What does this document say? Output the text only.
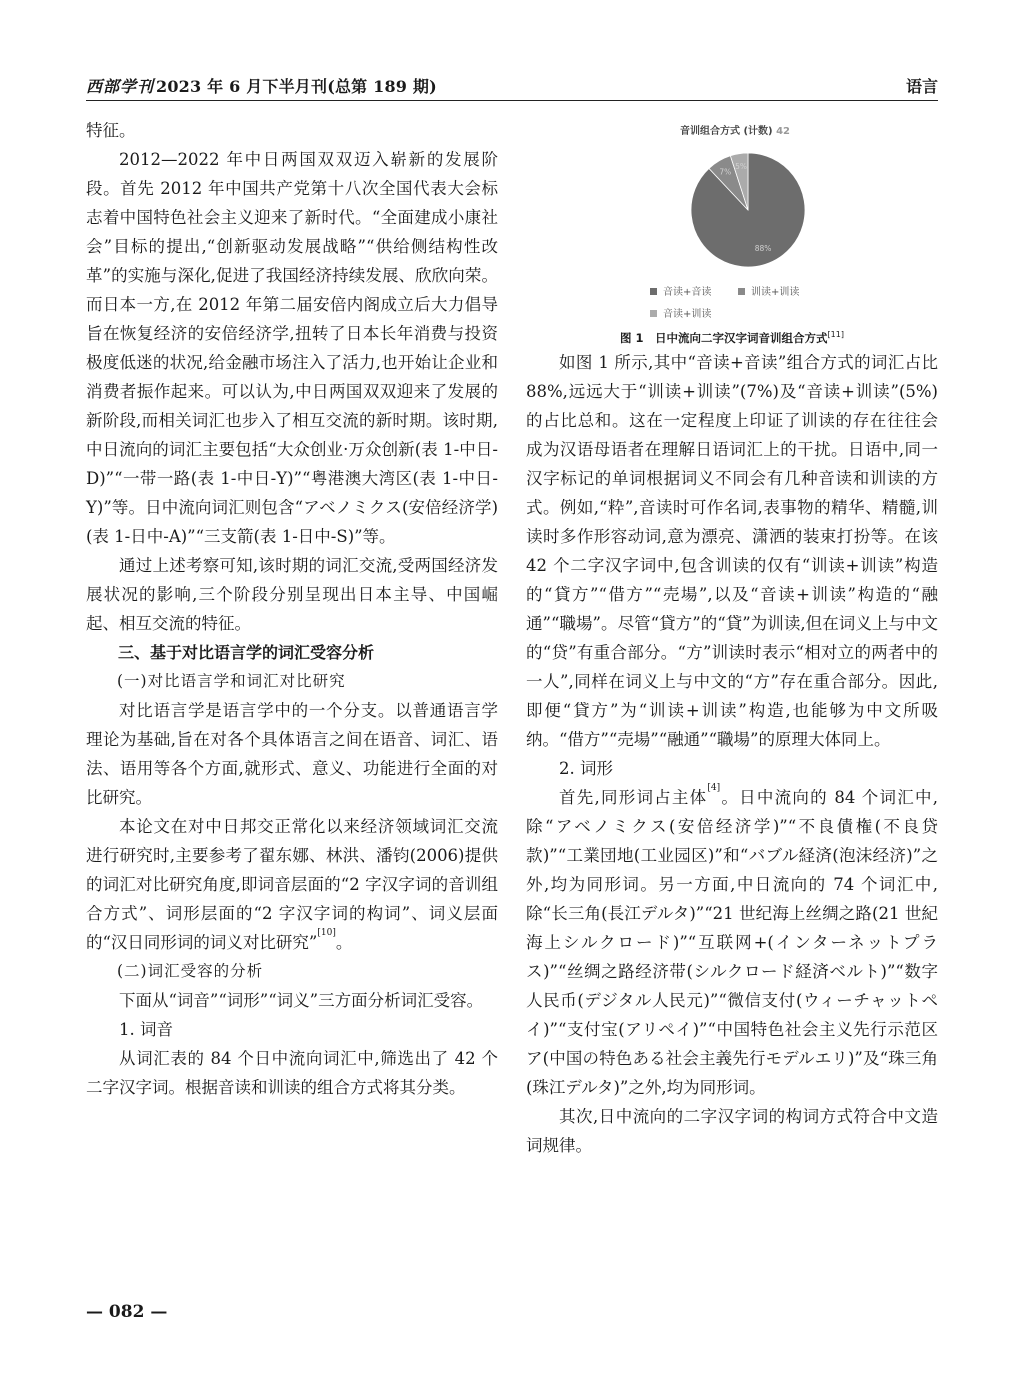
西部学刊 2023 年 6 月下半月刊(总第 189 期)	语言

特征。

2012—2022 年中日两国双双迈入崭新的发展阶段。首先 2012 年中国共产党第十八次全国代表大会标志着中国特色社会主义迎来了新时代。“全面建成小康社会”目标的提出,“创新驱动发展战略”“供给侧结构性改革”的实施与深化,促进了我国经济持续发展、欣欣向荣。而日本一方,在 2012 年第二届安倍内阁成立后大力倡导旨在恢复经济的安倍经济学,扭转了日本长年消费与投资极度低迷的状况,给金融市场注入了活力,也开始让企业和消费者振作起来。可以认为,中日两国双双迎来了发展的新阶段,而相关词汇也步入了相互交流的新时期。该时期,中日流向的词汇主要包括“大众创业·万众创新(表 1-中日-D)”“一带一路(表 1-中日-Y)”“粤港澳大湾区(表 1-中日-Y)”等。日中流向词汇则包含“アベノミクス(安倍经济学)(表 1-日中-A)”“三支箭(表 1-日中-S)”等。

通过上述考察可知,该时期的词汇交流,受两国经济发展状况的影响,三个阶段分别呈现出日本主导、中国崛起、相互交流的特征。

三、基于对比语言学的词汇受容分析

(一)对比语言学和词汇对比研究

对比语言学是语言学中的一个分支。以普通语言学理论为基础,旨在对各个具体语言之间在语音、词汇、语法、语用等各个方面,就形式、意义、功能进行全面的对比研究。

本论文在对中日邦交正常化以来经济领域词汇交流进行研究时,主要参考了翟东娜、林洪、潘钧(2006)提供的词汇对比研究角度,即词音层面的“2 字汉字词的音训组合方式”、词形层面的“2 字汉字词的构词”、词义层面的“汉日同形词的词义对比研究”[10]。

(二)词汇受容的分析

下面从“词音”“词形”“词义”三方面分析词汇受容。

1. 词音

从词汇表的 84 个日中流向词汇中,筛选出了 42 个二字汉字词。根据音读和训读的组合方式将其分类。

88%
7%
5%
音训组合方式 (计数) 42
音读+音读	训读+训读
音读+训读
图 1　日中流向二字汉字词音训组合方式[11]

如图 1 所示,其中“音读+音读”组合方式的词汇占比 88%,远远大于“训读+训读”(7%)及“音读+训读”(5%)的占比总和。这在一定程度上印证了训读的存在往往会成为汉语母语者在理解日语词汇上的干扰。日语中,同一汉字标记的单词根据词义不同会有几种音读和训读的方式。例如,“粋”,音读时可作名词,表事物的精华、精髓,训读时多作形容动词,意为漂亮、潇洒的装束打扮等。在该 42 个二字汉字词中,包含训读的仅有“训读+训读”构造的“貸方”“借方”“売場”,以及“音读+训读”构造的“融通”“職場”。尽管“貸方”的“貸”为训读,但在词义上与中文的“贷”有重合部分。“方”训读时表示“相对立的两者中的一人”,同样在词义上与中文的“方”存在重合部分。因此,即便“貸方”为“训读+训读”构造,也能够为中文所吸纳。“借方”“売場”“融通”“職場”的原理大体同上。

2. 词形

首先,同形词占主体[4]。日中流向的 84 个词汇中,除“アベノミクス(安倍经济学)”“不良債権(不良贷款)”“工業団地(工业园区)”和“バブル経済(泡沫经济)”之外,均为同形词。另一方面,中日流向的 74 个词汇中,除“长三角(長江デルタ)”“21 世纪海上丝绸之路(21 世紀海上シルクロード)”“互联网+(インターネットプラス)”“丝绸之路经济带(シルクロード経済ベルト)”“数字人民币(デジタル人民元)”“微信支付(ウィーチャットペイ)”“支付宝(アリペイ)”“中国特色社会主义先行示范区ア(中国の特色ある社会主義先行モデルエリ)”及“珠三角(珠江デルタ)”之外,均为同形词。

其次,日中流向的二字汉字词的构词方式符合中文造词规律。

— 082 —
